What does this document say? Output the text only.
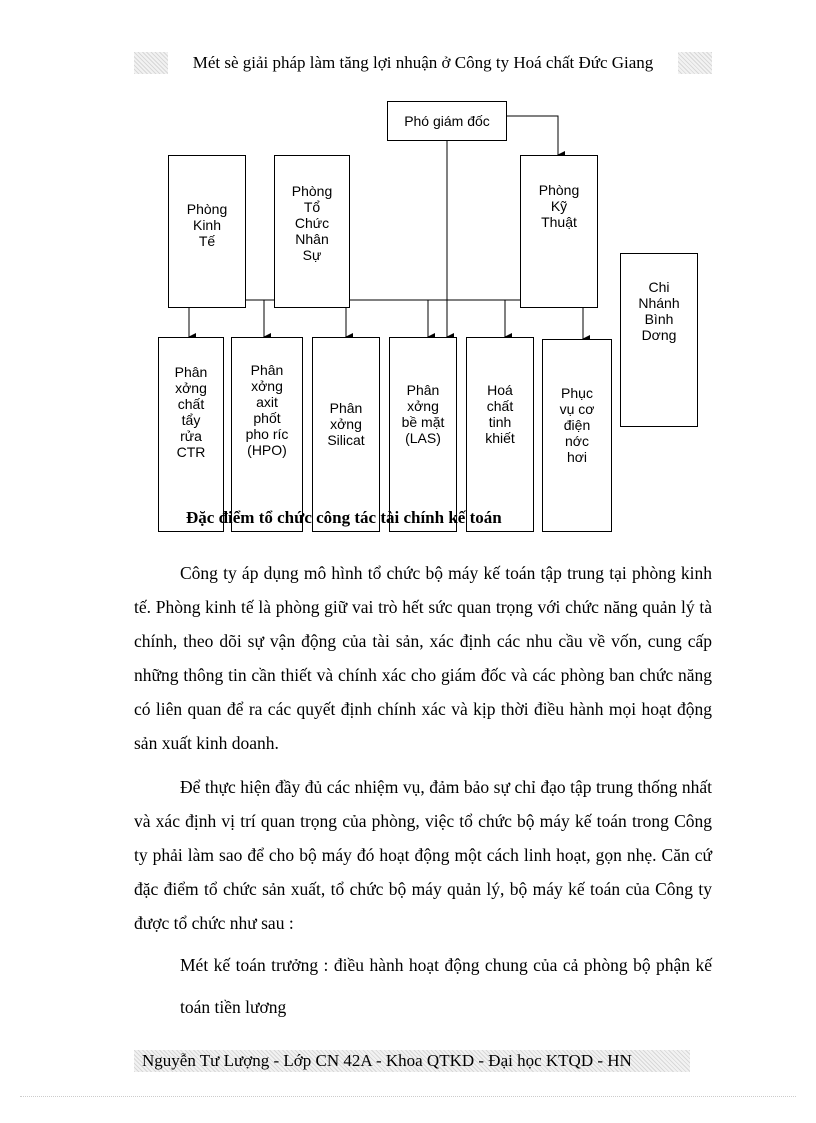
Mét sè giải pháp làm tăng lợi nhuận ở Công ty Hoá chất Đức Giang
Phó giám đốc
Phòng
Kinh
Tế
Phòng
Tổ
Chức
Nhân
Sự
Phòng
Kỹ
Thuật
Chi
Nhánh
Bình
Dơng
Phân
xởng
chất
tẩy
rửa
CTR
Phân
xởng
axit
phốt
pho ríc
(HPO)
Phân
xởng
Silicat
Phân
xởng
bề mặt
(LAS)
Hoá
chất
tinh
khiết
Phục
vụ cơ
điện
nớc
hơi
Đặc điểm tổ chức công tác tài chính kế toán

Công ty áp dụng mô hình tổ chức bộ máy kế toán tập trung tại phòng kinh tế. Phòng kinh tế là phòng giữ vai trò hết sức quan trọng với chức năng quản lý tà chính, theo dõi sự vận động của tài sản, xác định các nhu cầu về vốn, cung cấp những thông tin cần thiết và chính xác cho giám đốc và các phòng ban chức năng có liên quan để ra các quyết định chính xác và kịp thời điều hành mọi hoạt động sản xuất kinh doanh.

Để thực hiện đầy đủ các nhiệm vụ, đảm bảo sự chỉ đạo tập trung thống nhất và xác định vị trí quan trọng của phòng, việc tổ chức bộ máy kế toán trong Công ty phải làm sao để cho bộ máy đó hoạt động một cách linh hoạt, gọn nhẹ. Căn cứ đặc điểm tổ chức sản xuất, tổ chức bộ máy quản lý, bộ máy kế toán của Công ty được tổ chức như sau :

Mét kế toán trưởng : điều hành hoạt động chung của cả phòng bộ phận kế toán tiền lương

Nguyễn Tư Lượng - Lớp CN 42A - Khoa QTKD - Đại học KTQD - HN
